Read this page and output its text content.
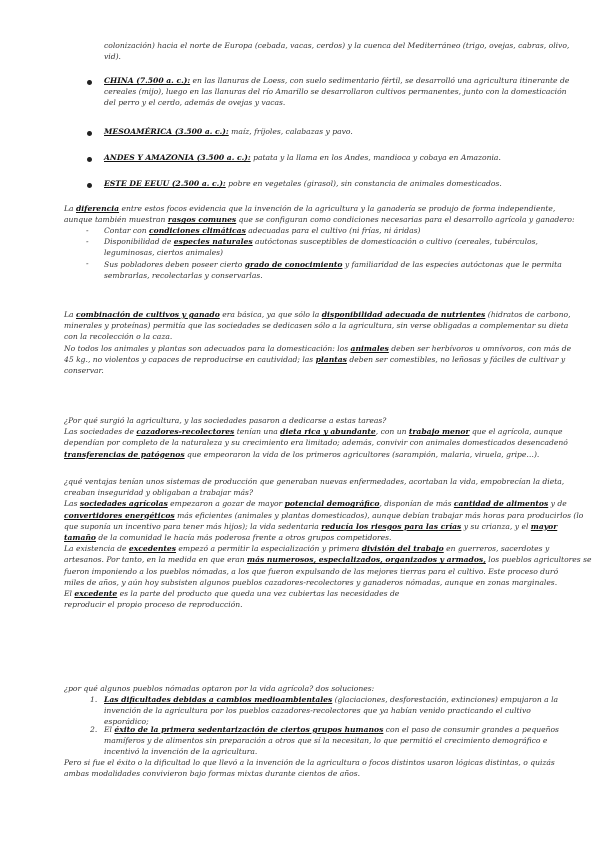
colonización) hacia el norte de Europa (cebada, vacas, cerdos) y la cuenca del Mediterráneo (trigo, ovejas, cabras, olivo,
vid).
CHINA (7.500 a. c.): en las llanuras de Loess, con suelo sedimentario fértil, se desarrolló una agricultura itinerante de
cereales (mijo), luego en las llanuras del río Amarillo se desarrollaron cultivos permanentes, junto con la domesticación
del perro y el cerdo, además de ovejas y vacas.
MESOAMÉRICA (3.500 a. c.): maíz, fríjoles, calabazas y pavo.
ANDES Y AMAZONIA (3.500 a. c.): patata y la llama en los Andes, mandioca y cobaya en Amazonia.
ESTE DE EEUU (2.500 a. c.): pobre en vegetales (girasol), sin constancia de animales domesticados.
La diferencia entre estos focos evidencia que la invención de la agricultura y la ganadería se produjo de forma independiente,
aunque también muestran rasgos comunes que se configuran como condiciones necesarias para el desarrollo agrícola y ganadero:
-
-
-
Contar con condiciones climáticas adecuadas para el cultivo (ni frías, ni áridas)
Disponibilidad de especies naturales autóctonas susceptibles de domesticación o cultivo (cereales, tubérculos,
leguminosas, ciertos animales)
Sus pobladores deben poseer cierto grado de conocimiento y familiaridad de las especies autóctonas que le permita
sembrarlas, recolectarlas y conservarlas.
La combinación de cultivos y ganado era básica, ya que sólo la disponibilidad adecuada de nutrientes (hidratos de carbono,
minerales y proteínas) permitía que las sociedades se dedicasen sólo a la agricultura, sin verse obligadas a complementar su dieta
con la recolección o la caza.
No todos los animales y plantas son adecuados para la domesticación: los animales deben ser herbívoros u omnívoros, con más de
45 kg., no violentos y capaces de reproducirse en cautividad; las plantas deben ser comestibles, no leñosas y fáciles de cultivar y
conservar.
¿Por qué surgió la agricultura, y las sociedades pasaron a dedicarse a estas tareas?
Las sociedades de cazadores-recolectores tenían una dieta rica y abundante, con un trabajo menor que el agrícola, aunque
dependían por completo de la naturaleza y su crecimiento era limitado; además, convivir con animales domesticados desencadenó
transferencias de patógenos que empeoraron la vida de los primeros agricultores (sarampión, malaria, viruela, gripe…).
¿qué ventajas tenían unos sistemas de producción que generaban nuevas enfermedades, acortaban la vida, empobrecían la dieta,
creaban inseguridad y obligaban a trabajar más?
Las sociedades agrícolas empezaron a gozar de mayor potencial demográfico, disponían de más cantidad de alimentos y de
convertidores energéticos más eficientes (animales y plantas domesticados), aunque debían trabajar más horas para producirlos (lo
que suponía un incentivo para tener más hijos); la vida sedentaria reducía los riesgos para las crías y su crianza, y el mayor
tamaño de la comunidad le hacía más poderosa frente a otros grupos competidores.
La existencia de excedentes empezó a permitir la especialización y primera división del trabajo en guerreros, sacerdotes y
artesanos. Por tanto, en la medida en que eran más numerosos, especializados, organizados y armados, los pueblos agricultores se
fueron imponiendo a los pueblos nómadas, a los que fueron expulsando de las mejores tierras para el cultivo. Este proceso duró
miles de años, y aún hoy subsisten algunos pueblos cazadores-recolectores y ganaderos nómadas, aunque en zonas marginales.
El excedente es la parte del producto que queda una vez cubiertas las necesidades de
reproducir el propio proceso de reproducción.
¿por qué algunos pueblos nómadas optaron por la vida agrícola? dos soluciones:
1. Las dificultades debidas a cambios medioambientales (glaciaciones, desforestación, extinciones) empujaron a la
invención de la agricultura por los pueblos cazadores-recolectores que ya habían venido practicando el cultivo
esporádico;
2. El éxito de la primera sedentarización de ciertos grupos humanos con el paso de consumir grandes a pequeños
mamíferos y de alimentos sin preparación a otros que sí la necesitan, lo que permitió el crecimiento demográfico e
incentivó la invención de la agricultura.
Pero si fue el éxito o la dificultad lo que llevó a la invención de la agricultura o focos distintos usaron lógicas distintas, o quizás
ambas modalidades convivieron bajo formas mixtas durante cientos de años.
